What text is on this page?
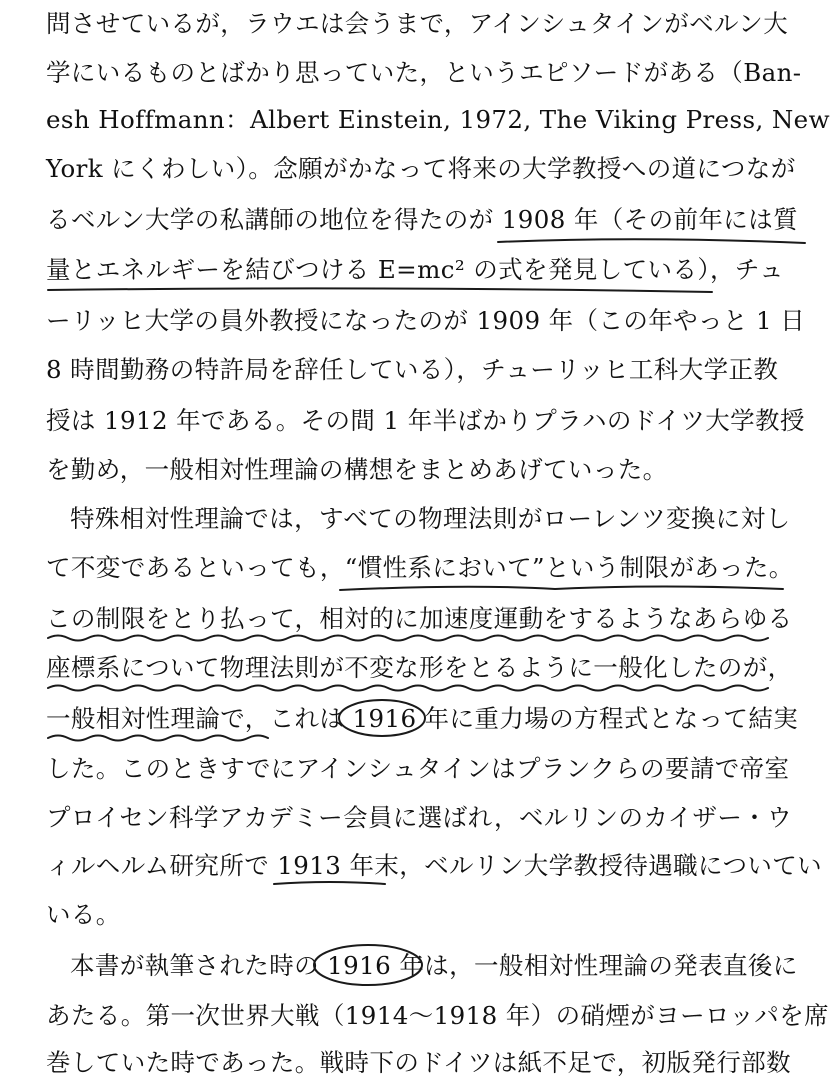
問させているが，ラウエは会うまで，アインシュタインがベルン大
学にいるものとばかり思っていた，というエピソードがある（Ban-
esh Hoffmann：Albert Einstein, 1972, The Viking Press, New
York にくわしい）。念願がかなって将来の大学教授への道につなが
るベルン大学の私講師の地位を得たのが 1908 年（その前年には質
量とエネルギーを結びつける E=mc² の式を発見している），チュ
ーリッヒ大学の員外教授になったのが 1909 年（この年やっと 1 日
8 時間勤務の特許局を辞任している），チューリッヒ工科大学正教
授は 1912 年である。その間 1 年半ばかりプラハのドイツ大学教授
を勤め，一般相対性理論の構想をまとめあげていった。
特殊相対性理論では，すべての物理法則がローレンツ変換に対し
て不変であるといっても，“慣性系において”という制限があった。
この制限をとり払って，相対的に加速度運動をするようなあらゆる
座標系について物理法則が不変な形をとるように一般化したのが，
一般相対性理論で，これは 1916 年に重力場の方程式となって結実
した。このときすでにアインシュタインはプランクらの要請で帝室
プロイセン科学アカデミー会員に選ばれ，ベルリンのカイザー・ウ
ィルヘルム研究所で 1913 年末，ベルリン大学教授待遇職についてい
いる。
本書が執筆された時の 1916 年は，一般相対性理論の発表直後に
あたる。第一次世界大戦（1914～1918 年）の硝煙がヨーロッパを席
巻していた時であった。戦時下のドイツは紙不足で，初版発行部数
